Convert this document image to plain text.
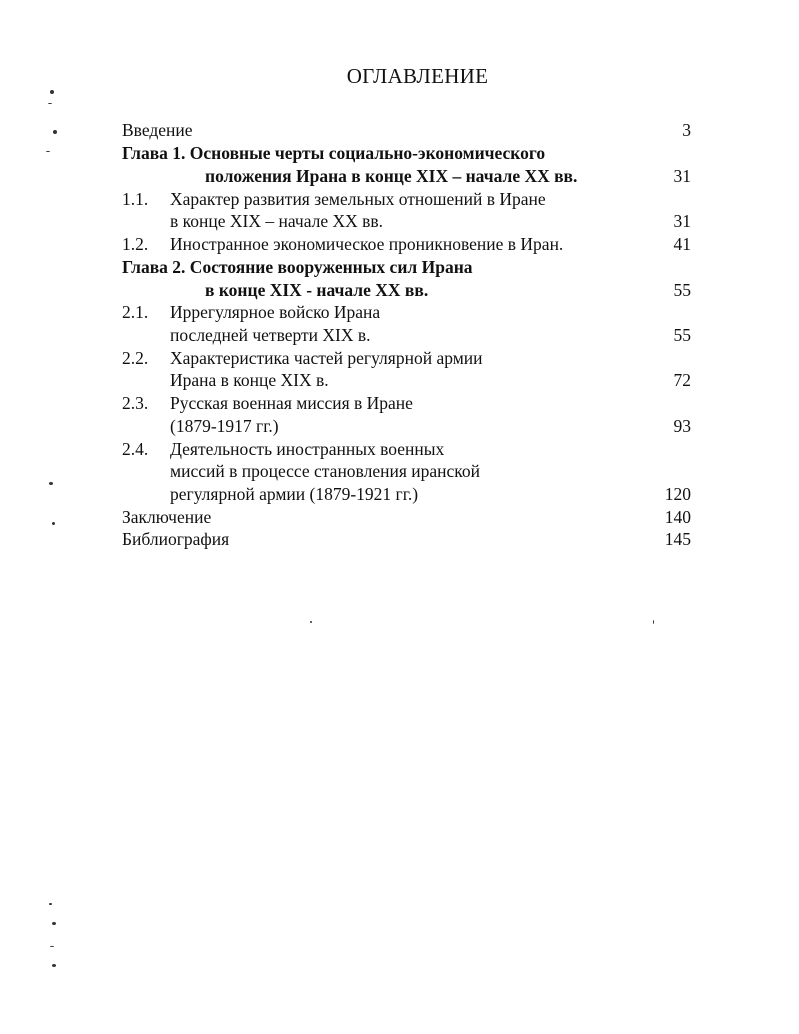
ОГЛАВЛЕНИЕ
Введение	3
Глава 1. Основные черты социально-экономического
положения Ирана в конце XIX – начале XX вв.	31
1.1. Характер развития земельных отношений в Иране
в конце XIX – начале XX вв.	31
1.2. Иностранное экономическое проникновение в Иран.	41
Глава 2. Состояние вооруженных сил Ирана
в конце XIX - начале XX вв.	55
2.1. Иррегулярное войско Ирана
последней четверти XIX в.	55
2.2. Характеристика частей регулярной армии
Ирана в конце XIX в.	72
2.3. Русская военная миссия в Иране
(1879-1917 гг.)	93
2.4. Деятельность иностранных военных
миссий в процессе становления иранской
регулярной армии (1879-1921 гг.)	120
Заключение	140
Библиография	145
